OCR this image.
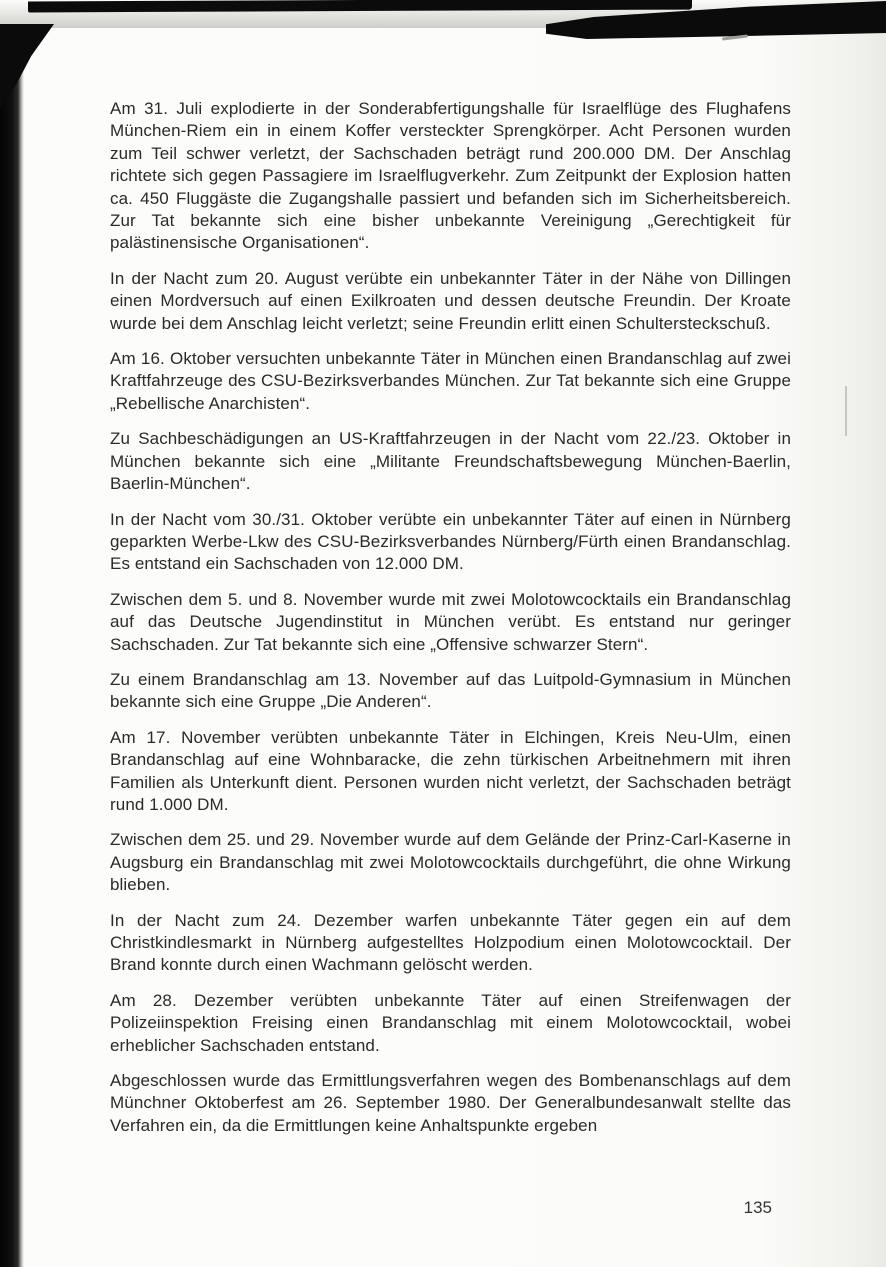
Am 31. Juli explodierte in der Sonderabfertigungshalle für Israelflüge des Flughafens München-Riem ein in einem Koffer versteckter Sprengkörper. Acht Personen wurden zum Teil schwer verletzt, der Sachschaden beträgt rund 200.000 DM. Der Anschlag richtete sich gegen Passagiere im Israelflugverkehr. Zum Zeitpunkt der Explosion hatten ca. 450 Fluggäste die Zugangshalle passiert und befanden sich im Sicherheitsbereich. Zur Tat bekannte sich eine bisher unbekannte Vereinigung „Gerechtigkeit für palästinensische Organisationen“.

In der Nacht zum 20. August verübte ein unbekannter Täter in der Nähe von Dillingen einen Mordversuch auf einen Exilkroaten und dessen deutsche Freundin. Der Kroate wurde bei dem Anschlag leicht verletzt; seine Freundin erlitt einen Schultersteckschuß.

Am 16. Oktober versuchten unbekannte Täter in München einen Brandanschlag auf zwei Kraftfahrzeuge des CSU-Bezirksverbandes München. Zur Tat bekannte sich eine Gruppe „Rebellische Anarchisten“.

Zu Sachbeschädigungen an US-Kraftfahrzeugen in der Nacht vom 22./23. Oktober in München bekannte sich eine „Militante Freundschaftsbewegung München-Baerlin, Baerlin-München“.

In der Nacht vom 30./31. Oktober verübte ein unbekannter Täter auf einen in Nürnberg geparkten Werbe-Lkw des CSU-Bezirksverbandes Nürnberg/Fürth einen Brandanschlag. Es entstand ein Sachschaden von 12.000 DM.

Zwischen dem 5. und 8. November wurde mit zwei Molotowcocktails ein Brandanschlag auf das Deutsche Jugendinstitut in München verübt. Es entstand nur geringer Sachschaden. Zur Tat bekannte sich eine „Offensive schwarzer Stern“.

Zu einem Brandanschlag am 13. November auf das Luitpold-Gymnasium in München bekannte sich eine Gruppe „Die Anderen“.

Am 17. November verübten unbekannte Täter in Elchingen, Kreis Neu-Ulm, einen Brandanschlag auf eine Wohnbaracke, die zehn türkischen Arbeitnehmern mit ihren Familien als Unterkunft dient. Personen wurden nicht verletzt, der Sachschaden beträgt rund 1.000 DM.

Zwischen dem 25. und 29. November wurde auf dem Gelände der Prinz-Carl-Kaserne in Augsburg ein Brandanschlag mit zwei Molotowcocktails durchgeführt, die ohne Wirkung blieben.

In der Nacht zum 24. Dezember warfen unbekannte Täter gegen ein auf dem Christkindlesmarkt in Nürnberg aufgestelltes Holzpodium einen Molotowcocktail. Der Brand konnte durch einen Wachmann gelöscht werden.

Am 28. Dezember verübten unbekannte Täter auf einen Streifenwagen der Polizeiinspektion Freising einen Brandanschlag mit einem Molotowcocktail, wobei erheblicher Sachschaden entstand.

Abgeschlossen wurde das Ermittlungsverfahren wegen des Bombenanschlags auf dem Münchner Oktoberfest am 26. September 1980. Der Generalbundesanwalt stellte das Verfahren ein, da die Ermittlungen keine Anhaltspunkte ergeben

135
